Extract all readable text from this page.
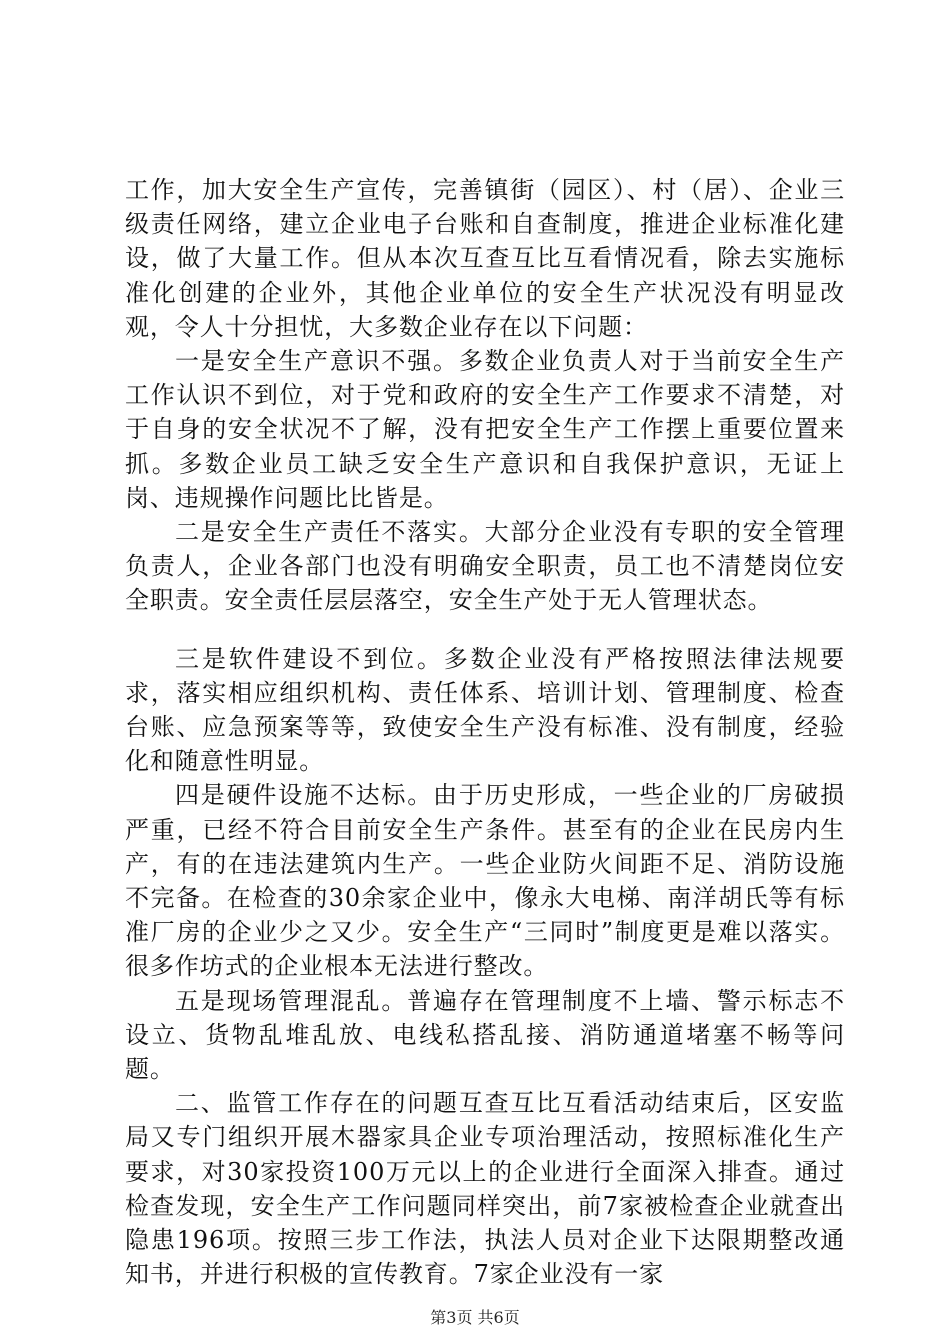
工作，加大安全生产宣传，完善镇街（园区）、村（居）、企业三级责任网络，建立企业电子台账和自查制度，推进企业标准化建设，做了大量工作。但从本次互查互比互看情况看，除去实施标准化创建的企业外，其他企业单位的安全生产状况没有明显改观，令人十分担忧，大多数企业存在以下问题：

一是安全生产意识不强。多数企业负责人对于当前安全生产工作认识不到位，对于党和政府的安全生产工作要求不清楚，对于自身的安全状况不了解，没有把安全生产工作摆上重要位置来抓。多数企业员工缺乏安全生产意识和自我保护意识，无证上岗、违规操作问题比比皆是。

二是安全生产责任不落实。大部分企业没有专职的安全管理负责人，企业各部门也没有明确安全职责，员工也不清楚岗位安全职责。安全责任层层落空，安全生产处于无人管理状态。

三是软件建设不到位。多数企业没有严格按照法律法规要求，落实相应组织机构、责任体系、培训计划、管理制度、检查台账、应急预案等等，致使安全生产没有标准、没有制度，经验化和随意性明显。

四是硬件设施不达标。由于历史形成，一些企业的厂房破损严重，已经不符合目前安全生产条件。甚至有的企业在民房内生产，有的在违法建筑内生产。一些企业防火间距不足、消防设施不完备。在检查的30余家企业中，像永大电梯、南洋胡氏等有标准厂房的企业少之又少。安全生产“三同时”制度更是难以落实。很多作坊式的企业根本无法进行整改。

五是现场管理混乱。普遍存在管理制度不上墙、警示标志不设立、货物乱堆乱放、电线私搭乱接、消防通道堵塞不畅等问题。

二、监管工作存在的问题互查互比互看活动结束后，区安监局又专门组织开展木器家具企业专项治理活动，按照标准化生产要求，对30家投资100万元以上的企业进行全面深入排查。通过检查发现，安全生产工作问题同样突出，前7家被检查企业就查出隐患196项。按照三步工作法，执法人员对企业下达限期整改通知书，并进行积极的宣传教育。7家企业没有一家

第3页 共6页
